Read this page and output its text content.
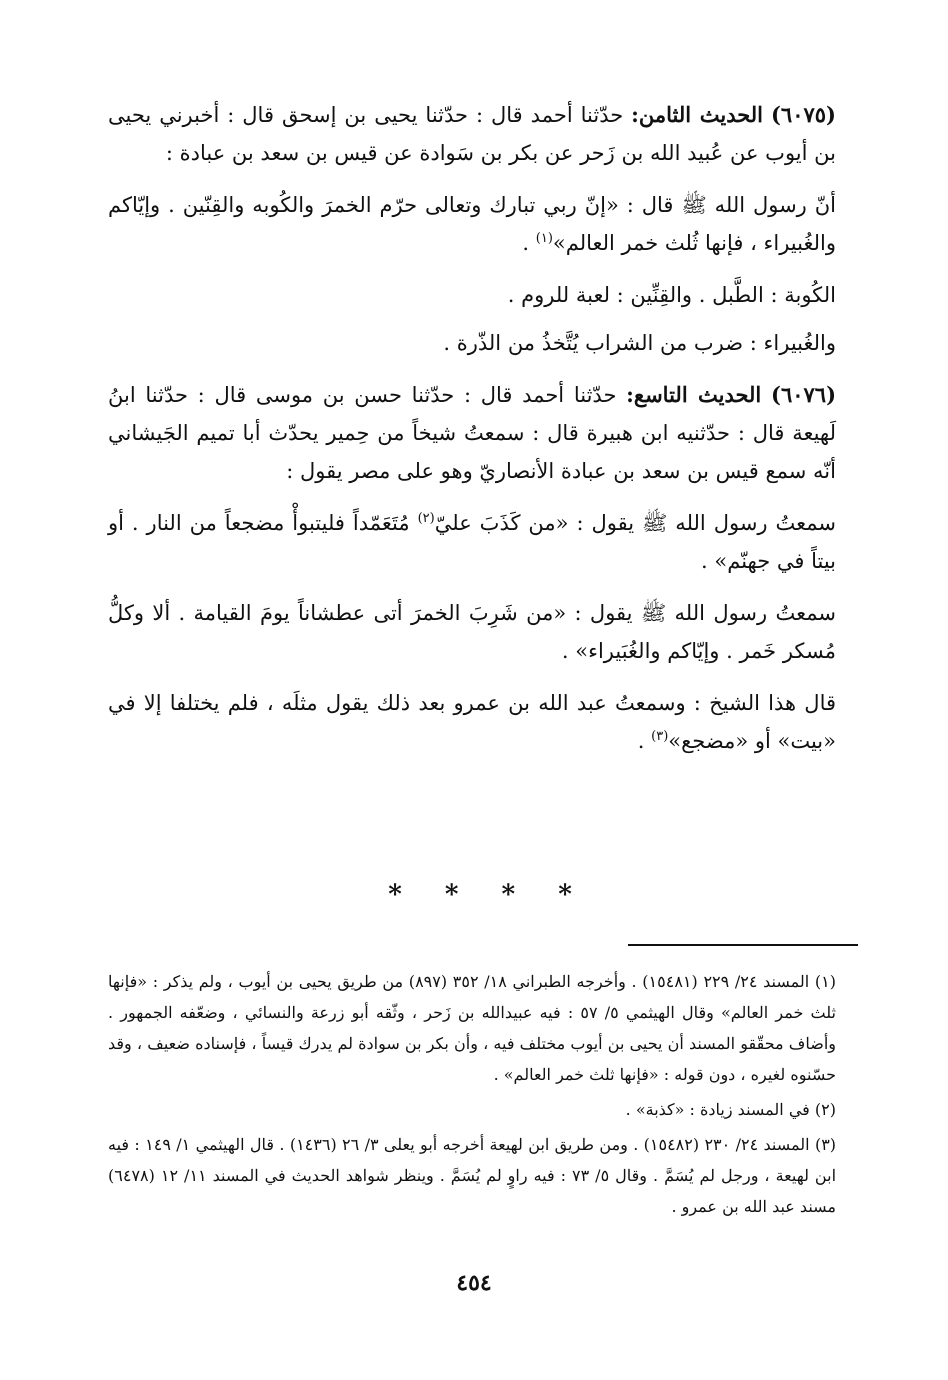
(٦٠٧٥) الحديث الثامن: حدّثنا أحمد قال : حدّثنا يحيى بن إسحق قال : أخبرني يحيى بن أيوب عن عُبيد الله بن زَحر عن بكر بن سَوادة عن قيس بن سعد بن عبادة :

أنّ رسول الله ﷺ قال : «إنّ ربي تبارك وتعالى حرّم الخمرَ والكُوبه والقِنّين . وإيّاكم والغُبيراء ، فإنها ثُلث خمر العالم»$^{(١)}$ .

الكُوبة : الطَّبل . والقِنِّين : لعبة للروم .

والغُبيراء : ضرب من الشراب يُتَّخذُ من الذّرة .

(٦٠٧٦) الحديث التاسع: حدّثنا أحمد قال : حدّثنا حسن بن موسى قال : حدّثنا ابنُ لَهيعة قال : حدّثنيه ابن هبيرة قال : سمعتُ شيخاً من حِمير يحدّث أبا تميم الجَيشاني أنّه سمع قيس بن سعد بن عبادة الأنصاريّ وهو على مصر يقول :

سمعتُ رسول الله ﷺ يقول : «من كَذَبَ عليّ$^{(٢)}$ مُتَعَمّداً فليتبوأْ مضجعاً من النار . أو بيتاً في جهنّم» .

سمعتُ رسول الله ﷺ يقول : «من شَرِبَ الخمرَ أتى عطشاناً يومَ القيامة . ألا وكلُّ مُسكر خَمر . وإيّاكم والغُبَيراء» .

قال هذا الشيخ : وسمعتُ عبد الله بن عمرو بعد ذلك يقول مثلَه ، فلم يختلفا إلا في «بيت» أو «مضجع»$^{(٣)}$ .

*
*
*
*

(١) المسند ٢٤/ ٢٢٩ (١٥٤٨١) . وأخرجه الطبراني ١٨/ ٣٥٢ (٨٩٧) من طريق يحيى بن أيوب ، ولم يذكر : «فإنها ثلث خمر العالم» وقال الهيثمي ٥/ ٥٧ : فيه عبيدالله بن زَحر ، وثّقه أبو زرعة والنسائي ، وضعّفه الجمهور . وأضاف محقّقو المسند أن يحيى بن أيوب مختلف فيه ، وأن بكر بن سوادة لم يدرك قيساً ، فإسناده ضعيف ، وقد حسّنوه لغيره ، دون قوله : «فإنها ثلث خمر العالم» .

(٢) في المسند زيادة : «كذبة» .

(٣) المسند ٢٤/ ٢٣٠ (١٥٤٨٢) . ومن طريق ابن لهيعة أخرجه أبو يعلى ٣/ ٢٦ (١٤٣٦) . قال الهيثمي ١/ ١٤٩ : فيه ابن لهيعة ، ورجل لم يُسَمَّ . وقال ٥/ ٧٣ : فيه راوٍ لم يُسَمَّ . وينظر شواهد الحديث في المسند ١١/ ١٢ (٦٤٧٨) مسند عبد الله بن عمرو .

٤٥٤
